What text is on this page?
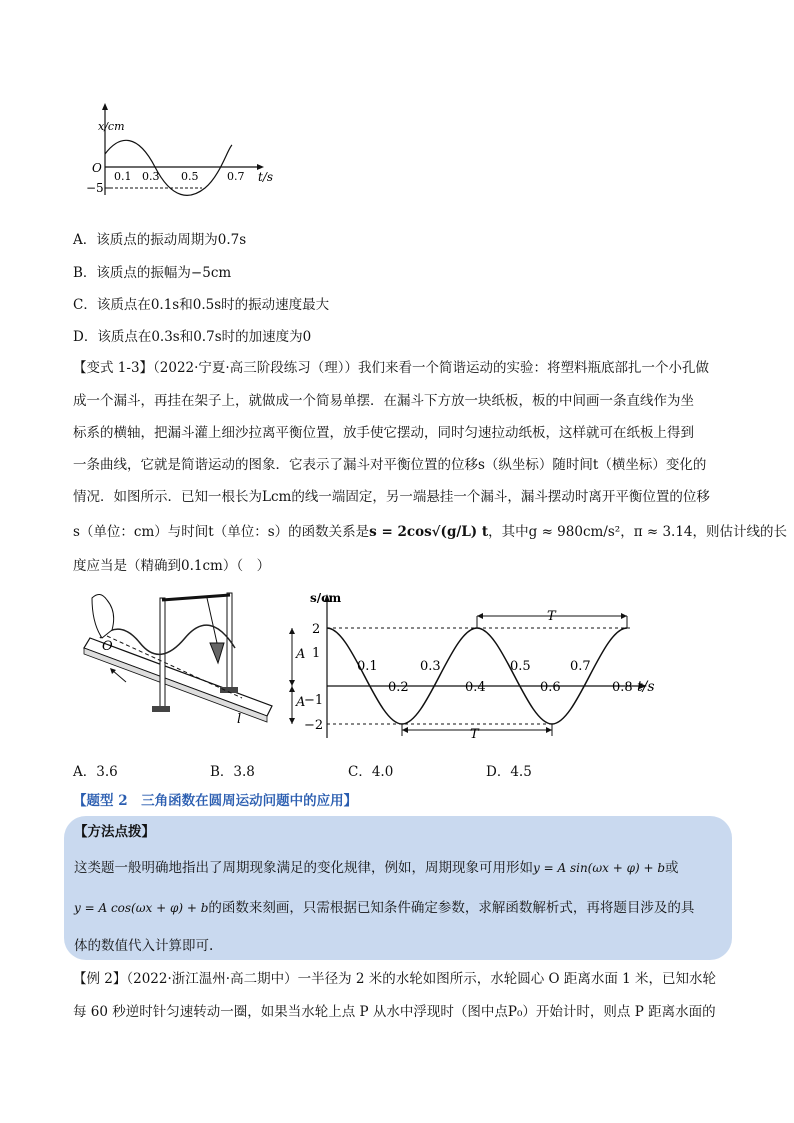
x/cm
O
−5
0.1 0.3 0.5	0.7 t/s
A．该质点的振动周期为0.7s
B．该质点的振幅为−5cm
C．该质点在0.1s和0.5s时的振动速度最大
D．该质点在0.3s和0.7s时的加速度为0
【变式 1-3】（2022·宁夏·高三阶段练习（理））我们来看一个简谐运动的实验：将塑料瓶底部扎一个小孔做
成一个漏斗，再挂在架子上，就做成一个简易单摆．在漏斗下方放一块纸板，板的中间画一条直线作为坐
标系的横轴，把漏斗灌上细沙拉离平衡位置，放手使它摆动，同时匀速拉动纸板，这样就可在纸板上得到
一条曲线，它就是简谐运动的图象．它表示了漏斗对平衡位置的位移s（纵坐标）随时间t（横坐标）变化的
情况．如图所示．已知一根长为Lcm的线一端固定，另一端悬挂一个漏斗，漏斗摆动时离开平衡位置的位移
s（单位：cm）与时间t（单位：s）的函数关系是s = 2cos√(g/L) t，其中g ≈ 980cm/s²，π ≈ 3.14，则估计线的长
度应当是（精确到0.1cm）（　）
O
l
s/cm
2
1
−1
−2
A
A
0.1	0.3	0.5	0.7
0.2	0.4	0.6	0.8 t/s
T
T
A．3.6	B．3.8	C．4.0	D．4.5
【题型 2　三角函数在圆周运动问题中的应用】
【方法点拨】
这类题一般明确地指出了周期现象满足的变化规律，例如，周期现象可用形如y = A sin(ωx + φ) + b或
y = A cos(ωx + φ) + b的函数来刻画，只需根据已知条件确定参数，求解函数解析式，再将题目涉及的具
体的数值代入计算即可.
【例 2】（2022·浙江温州·高二期中）一半径为 2 米的水轮如图所示，水轮圆心 O 距离水面 1 米，已知水轮
每 60 秒逆时针匀速转动一圈，如果当水轮上点 P 从水中浮现时（图中点P₀）开始计时，则点 P 距离水面的
